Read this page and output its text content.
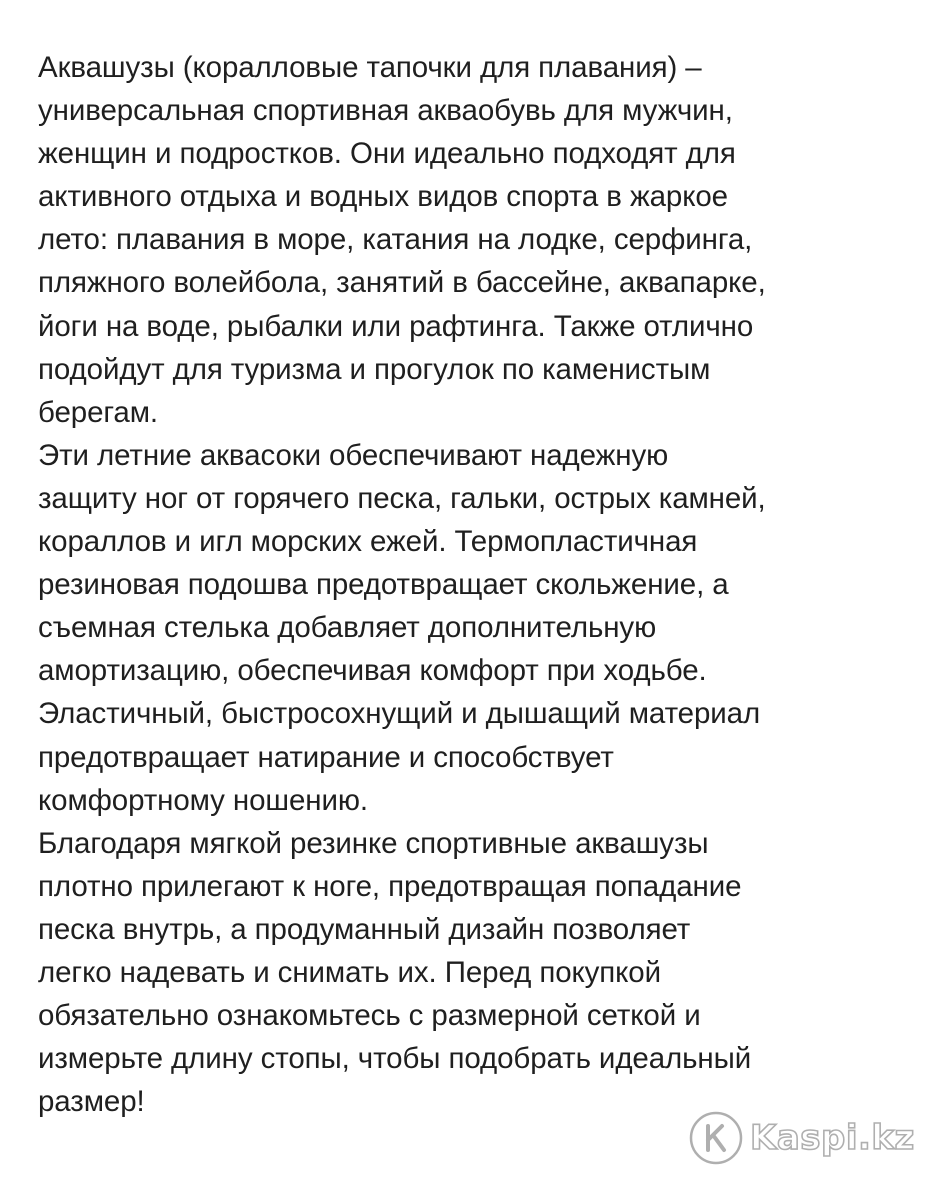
Аквашузы (коралловые тапочки для плавания) –
универсальная спортивная акваобувь для мужчин,
женщин и подростков. Они идеально подходят для
активного отдыха и водных видов спорта в жаркое
лето: плавания в море, катания на лодке, серфинга,
пляжного волейбола, занятий в бассейне, аквапарке,
йоги на воде, рыбалки или рафтинга. Также отлично
подойдут для туризма и прогулок по каменистым
берегам.
Эти летние аквасоки обеспечивают надежную
защиту ног от горячего песка, гальки, острых камней,
кораллов и игл морских ежей. Термопластичная
резиновая подошва предотвращает скольжение, а
съемная стелька добавляет дополнительную
амортизацию, обеспечивая комфорт при ходьбе.
Эластичный, быстросохнущий и дышащий материал
предотвращает натирание и способствует
комфортному ношению.
Благодаря мягкой резинке спортивные аквашузы
плотно прилегают к ноге, предотвращая попадание
песка внутрь, а продуманный дизайн позволяет
легко надевать и снимать их. Перед покупкой
обязательно ознакомьтесь с размерной сеткой и
измерьте длину стопы, чтобы подобрать идеальный
размер!
Kaspi.kz
